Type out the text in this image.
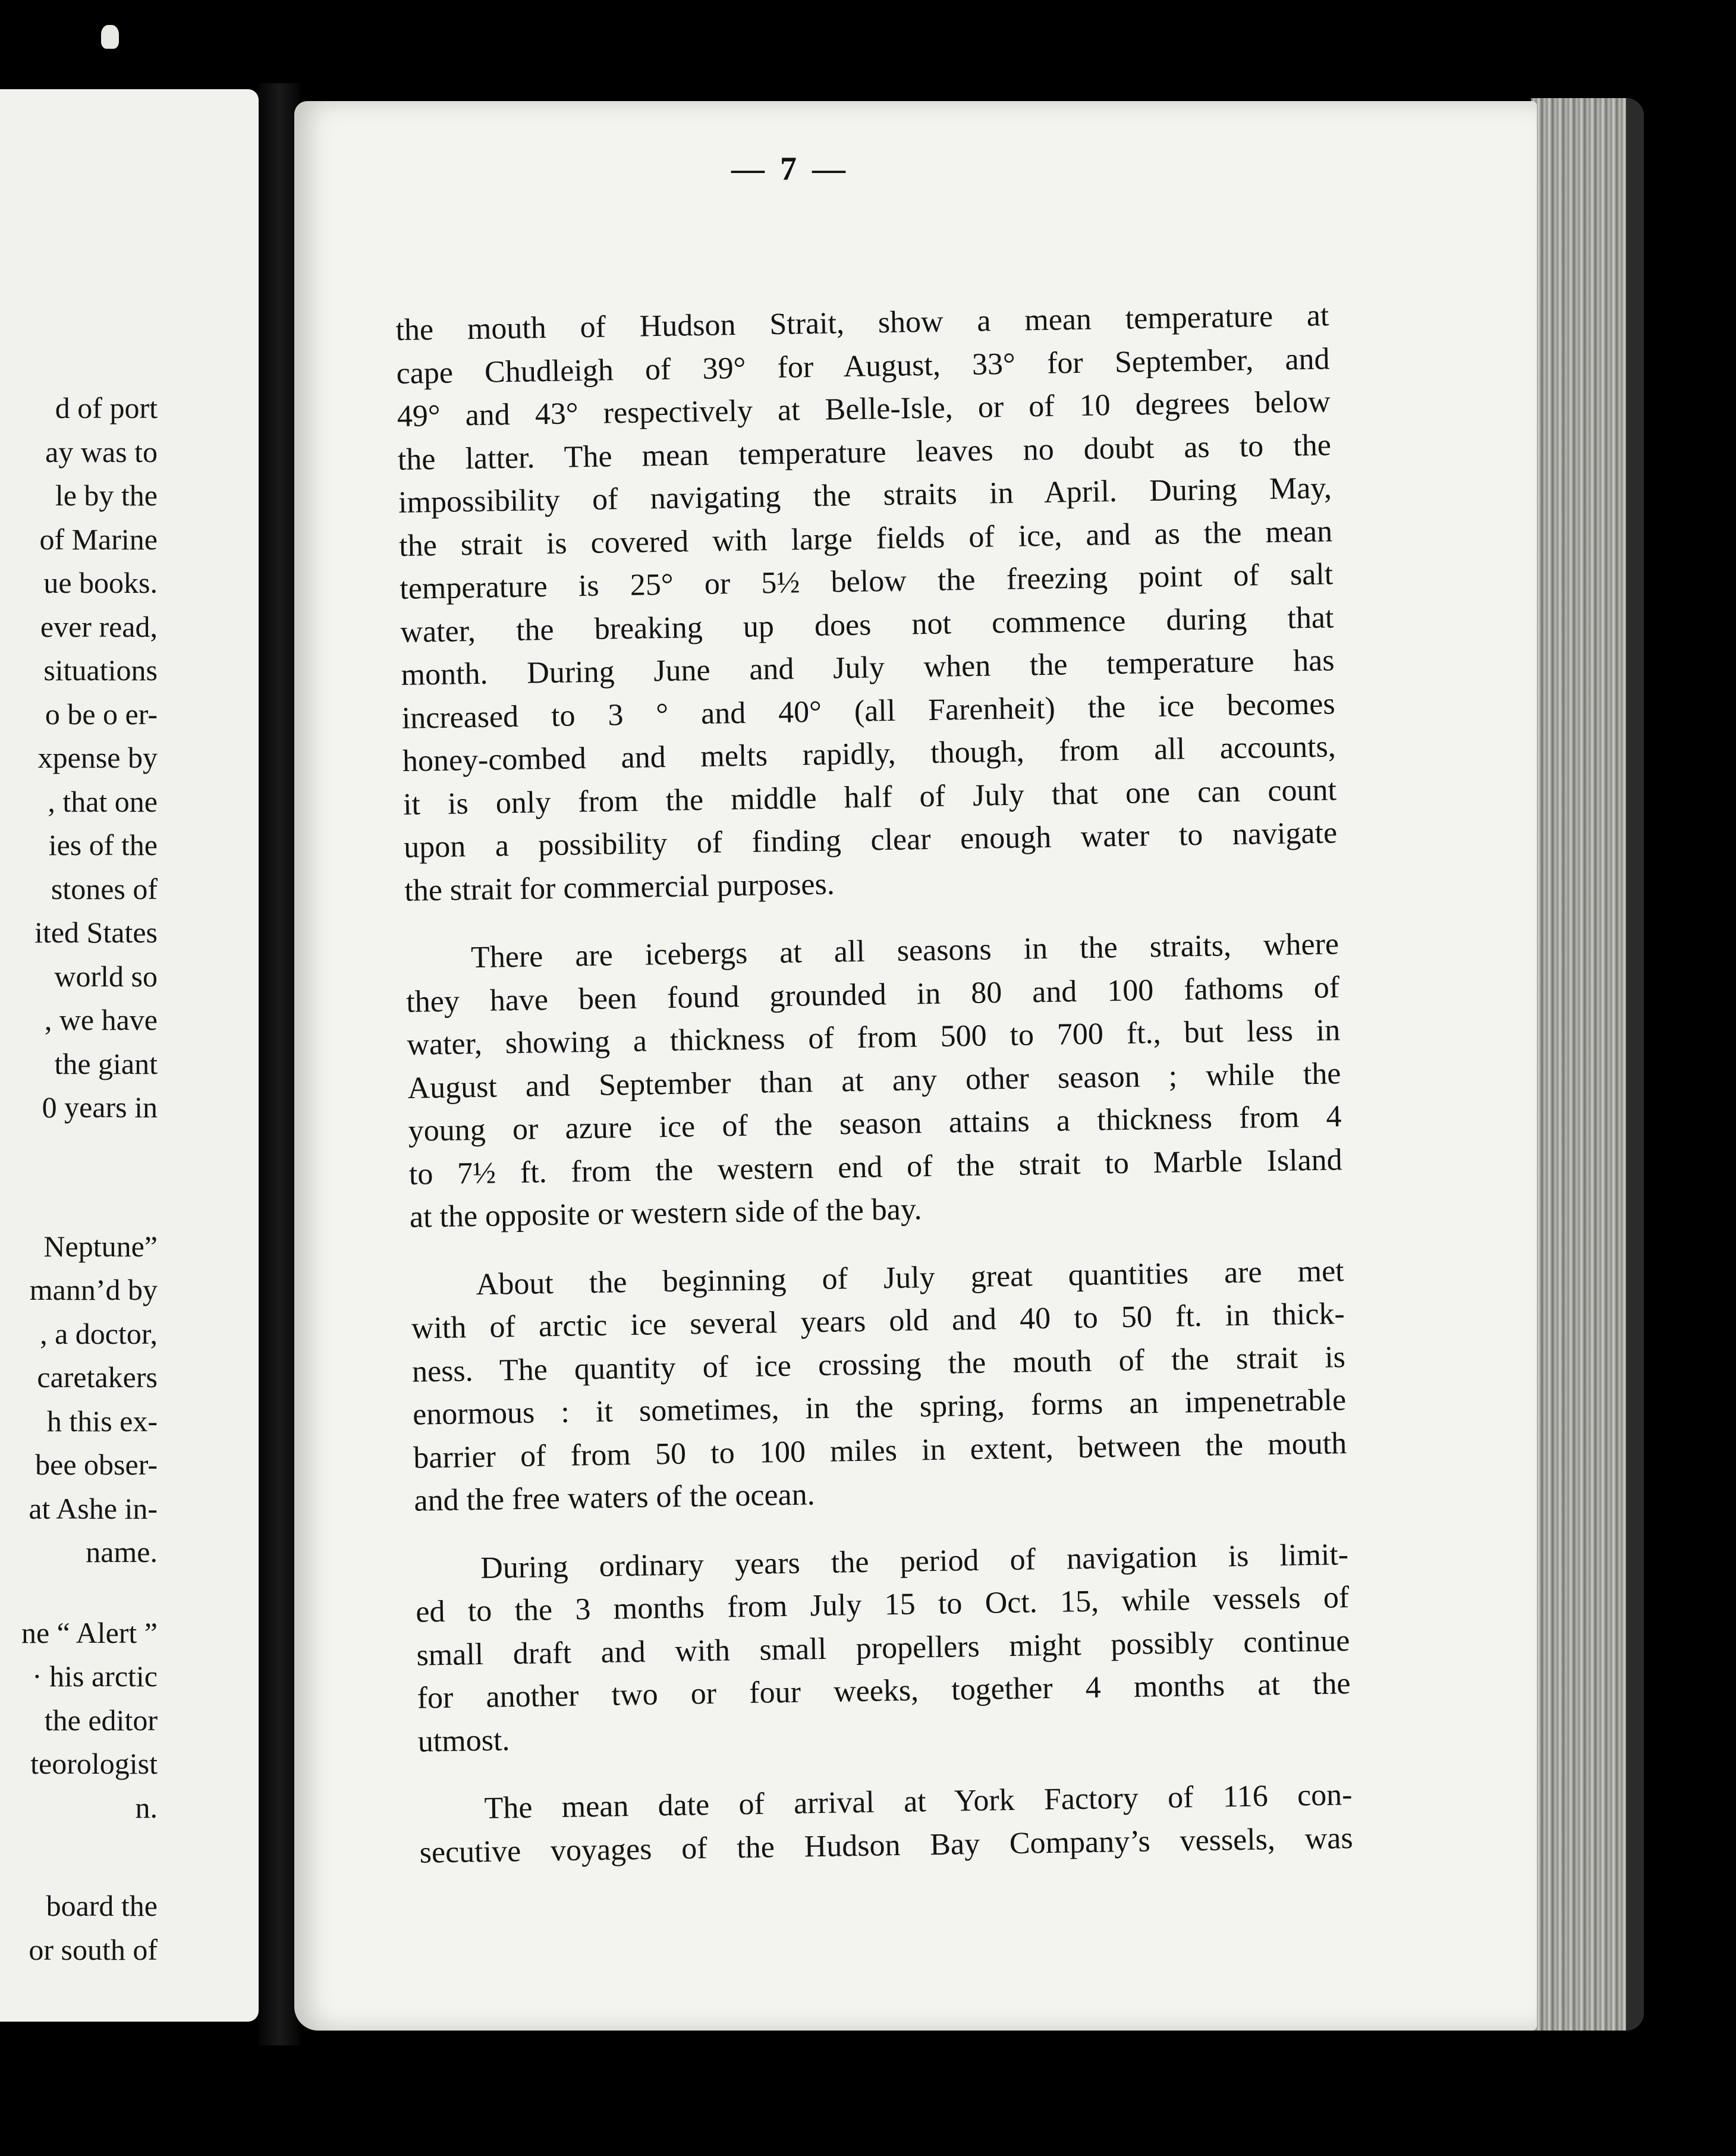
d of port
ay was to
le by the
of Marine
ue books.
ever read,
situations
o be o er-
xpense by
, that one
ies of the
stones of
ited States
world so
, we have
the giant
0 years in
Neptune”
mann’d by
, a doctor,
caretakers
h this ex-
bee obser-
at Ashe in-
name.
ne “ Alert ”
· his arctic
the editor
teorologist
n.
board the
or south of
— 7 —
the mouth of Hudson Strait, show a mean temperature at
cape Chudleigh of 39° for August, 33° for September, and
49° and 43° respectively at Belle-Isle, or of 10 degrees below
the latter. The mean temperature leaves no doubt as to the
impossibility of navigating the straits in April. During May,
the strait is covered with large fields of ice, and as the mean
temperature is 25° or 5½ below the freezing point of salt
water, the breaking up does not commence during that
month. During June and July when the temperature has
increased to 3 ° and 40° (all Farenheit) the ice becomes
honey-combed and melts rapidly, though, from all accounts,
it is only from the middle half of July that one can count
upon a possibility of finding clear enough water to navigate
the strait for commercial purposes.
There are icebergs at all seasons in the straits, where
they have been found grounded in 80 and 100 fathoms of
water, showing a thickness of from 500 to 700 ft., but less in
August and September than at any other season ; while the
young or azure ice of the season attains a thickness from 4
to 7½ ft. from the western end of the strait to Marble Island
at the opposite or western side of the bay.
About the beginning of July great quantities are met
with of arctic ice several years old and 40 to 50 ft. in thick-
ness. The quantity of ice crossing the mouth of the strait is
enormous : it sometimes, in the spring, forms an impenetrable
barrier of from 50 to 100 miles in extent, between the mouth
and the free waters of the ocean.
During ordinary years the period of navigation is limit-
ed to the 3 months from July 15 to Oct. 15, while vessels of
small draft and with small propellers might possibly continue
for another two or four weeks, together 4 months at the
utmost.
The mean date of arrival at York Factory of 116 con-
secutive voyages of the Hudson Bay Company’s vessels, was
